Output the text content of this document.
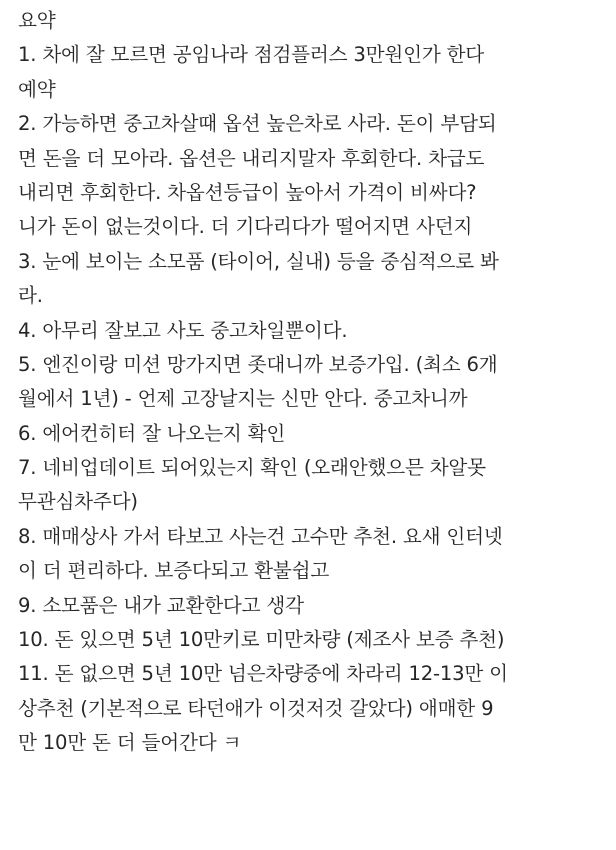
요약
1. 차에 잘 모르면 공임나라 점검플러스 3만원인가 한다
예약
2. 가능하면 중고차살때 옵션 높은차로 사라. 돈이 부담되
면 돈을 더 모아라. 옵션은 내리지말자 후회한다. 차급도
내리면 후회한다. 차옵션등급이 높아서 가격이 비싸다?
니가 돈이 없는것이다. 더 기다리다가 떨어지면 사던지
3. 눈에 보이는 소모품 (타이어, 실내) 등을 중심적으로 봐
라.
4. 아무리 잘보고 사도 중고차일뿐이다.
5. 엔진이랑 미션 망가지면 좃대니까 보증가입. (최소 6개
월에서 1년) - 언제 고장날지는 신만 안다. 중고차니까
6. 에어컨히터 잘 나오는지 확인
7. 네비업데이트 되어있는지 확인 (오래안했으믄 차알못
무관심차주다)
8. 매매상사 가서 타보고 사는건 고수만 추천. 요새 인터넷
이 더 편리하다. 보증다되고 환불쉽고
9. 소모품은 내가 교환한다고 생각
10. 돈 있으면 5년 10만키로 미만차량 (제조사 보증 추천)
11. 돈 없으면 5년 10만 넘은차량중에 차라리 12-13만 이
상추천 (기본적으로 타던애가 이것저것 갈았다) 애매한 9
만 10만 돈 더 들어간다 ㅋ
